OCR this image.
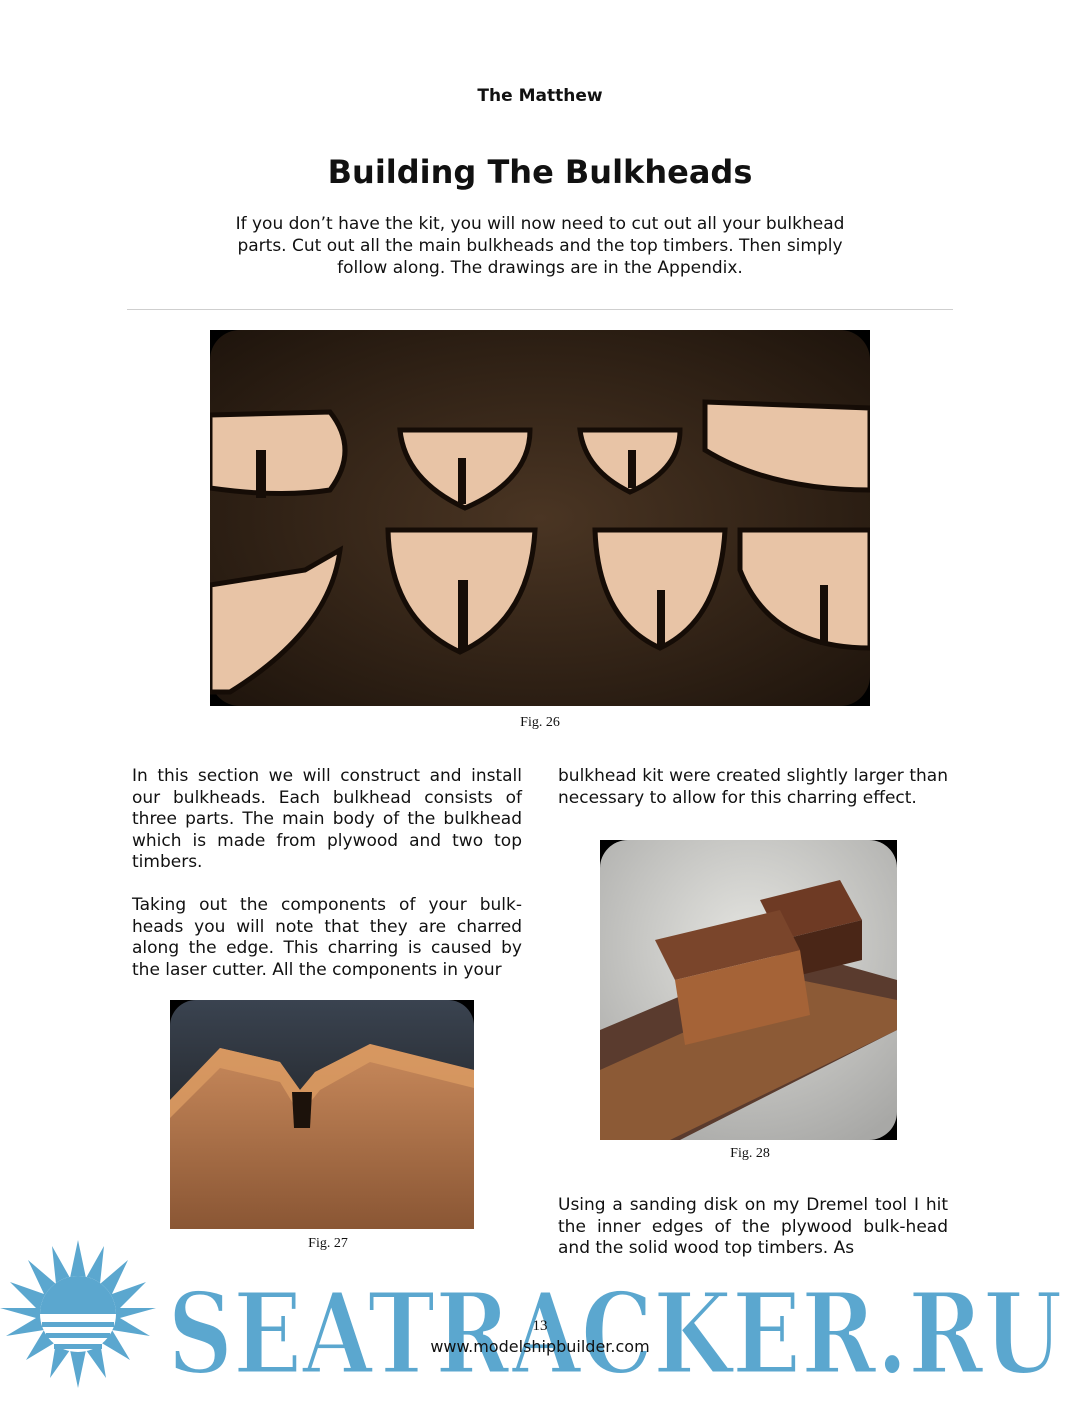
The Matthew
Building The Bulkheads

If you don’t have the kit, you will now need to cut out all your bulkhead parts. Cut out all the main bulkheads and the top timbers. Then simply follow along. The drawings are in the Appendix.

Fig. 26

In this section we will construct and install our bulkheads. Each bulkhead consists of three parts. The main body of the bulkhead which is made from plywood and two top timbers.

Taking out the components of your bulk-heads you will note that they are charred along the edge. This charring is caused by the laser cutter. All the components in your

bulkhead kit were created slightly larger than necessary to allow for this charring effect.

Fig. 28
Fig. 27

Using a sanding disk on my Dremel tool I hit the inner edges of the plywood bulk-head and the solid wood top timbers. As

SEATRACKER.RU
13
www.modelshipbuilder.com
